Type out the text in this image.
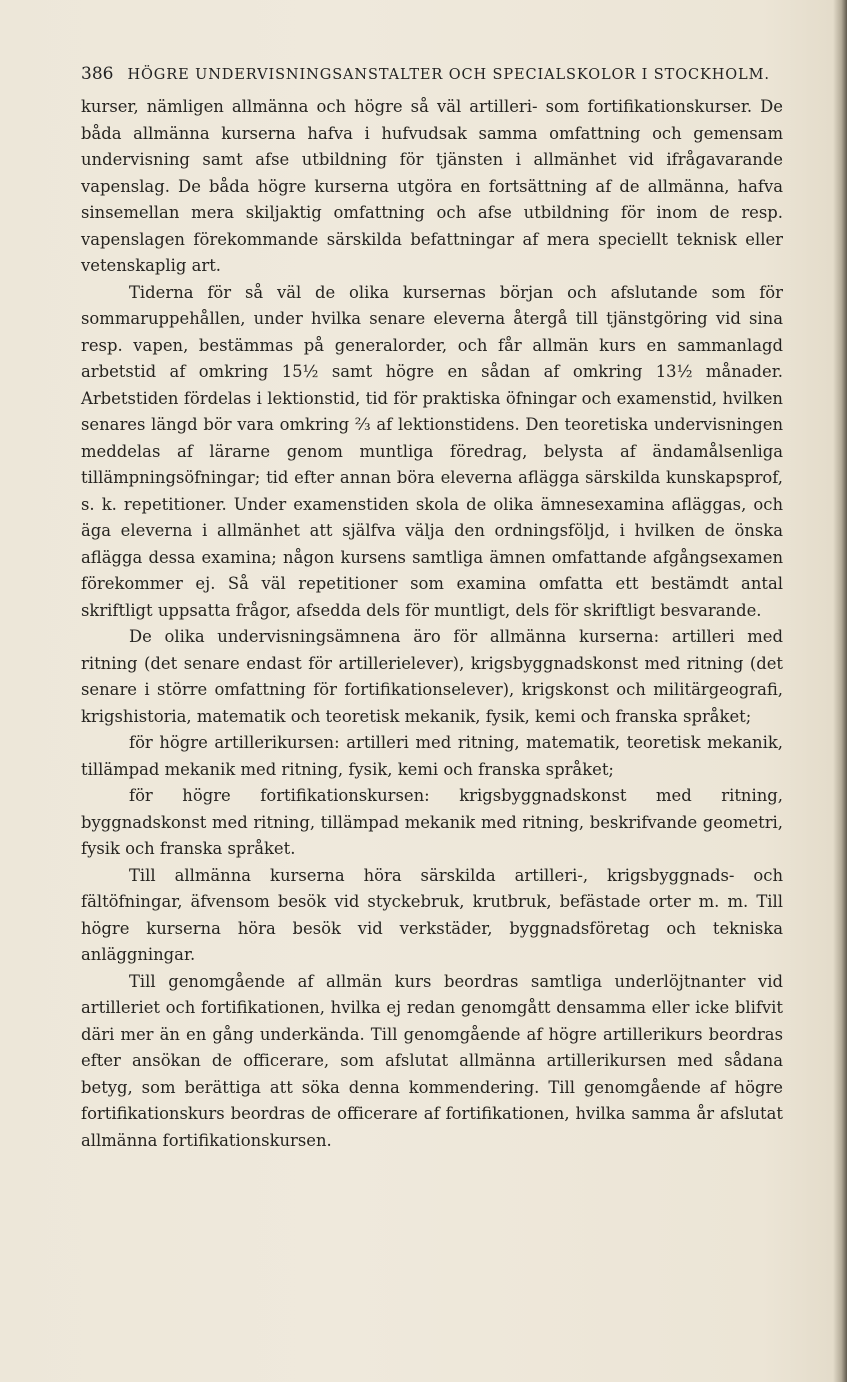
386 HÖGRE UNDERVISNINGSANSTALTER OCH SPECIALSKOLOR I STOCKHOLM.

kurser, nämligen allmänna och högre så väl artilleri- som fortifikationskurser. De båda allmänna kurserna hafva i hufvudsak samma omfattning och gemensam undervisning samt afse utbildning för tjänsten i allmänhet vid ifrågavarande vapenslag. De båda högre kurserna utgöra en fortsättning af de allmänna, hafva sinsemellan mera skiljaktig omfattning och afse utbildning för inom de resp. vapenslagen förekommande särskilda befattningar af mera speciellt teknisk eller vetenskaplig art.

Tiderna för så väl de olika kursernas början och afslutande som för sommaruppehållen, under hvilka senare eleverna återgå till tjänstgöring vid sina resp. vapen, bestämmas på generalorder, och får allmän kurs en sammanlagd arbetstid af omkring 15½ samt högre en sådan af omkring 13½ månader. Arbetstiden fördelas i lektionstid, tid för praktiska öfningar och examenstid, hvilken senares längd bör vara omkring ⅔ af lektionstidens. Den teoretiska undervisningen meddelas af lärarne genom muntliga föredrag, belysta af ändamålsenliga tillämpningsöfningar; tid efter annan böra eleverna aflägga särskilda kunskapsprof, s. k. repetitioner. Under examenstiden skola de olika ämnesexamina afläggas, och äga eleverna i allmänhet att själfva välja den ordningsföljd, i hvilken de önska aflägga dessa examina; någon kursens samtliga ämnen omfattande afgångsexamen förekommer ej. Så väl repetitioner som examina omfatta ett bestämdt antal skriftligt uppsatta frågor, afsedda dels för muntligt, dels för skriftligt besvarande.

De olika undervisningsämnena äro för allmänna kurserna: artilleri med ritning (det senare endast för artillerielever), krigsbyggnadskonst med ritning (det senare i större omfattning för fortifikationselever), krigskonst och militärgeografi, krigshistoria, matematik och teoretisk mekanik, fysik, kemi och franska språket;

för högre artillerikursen: artilleri med ritning, matematik, teoretisk mekanik, tillämpad mekanik med ritning, fysik, kemi och franska språket;

för högre fortifikationskursen: krigsbyggnadskonst med ritning, byggnadskonst med ritning, tillämpad mekanik med ritning, beskrifvande geometri, fysik och franska språket.

Till allmänna kurserna höra särskilda artilleri-, krigsbyggnads- och fältöfningar, äfvensom besök vid styckebruk, krutbruk, befästade orter m. m. Till högre kurserna höra besök vid verkstäder, byggnadsföretag och tekniska anläggningar.

Till genomgående af allmän kurs beordras samtliga underlöjtnanter vid artilleriet och fortifikationen, hvilka ej redan genomgått densamma eller icke blifvit däri mer än en gång underkända. Till genomgående af högre artillerikurs beordras efter ansökan de officerare, som afslutat allmänna artillerikursen med sådana betyg, som berättiga att söka denna kommendering. Till genomgående af högre fortifikationskurs beordras de officerare af fortifikationen, hvilka samma år afslutat allmänna fortifikationskursen.
